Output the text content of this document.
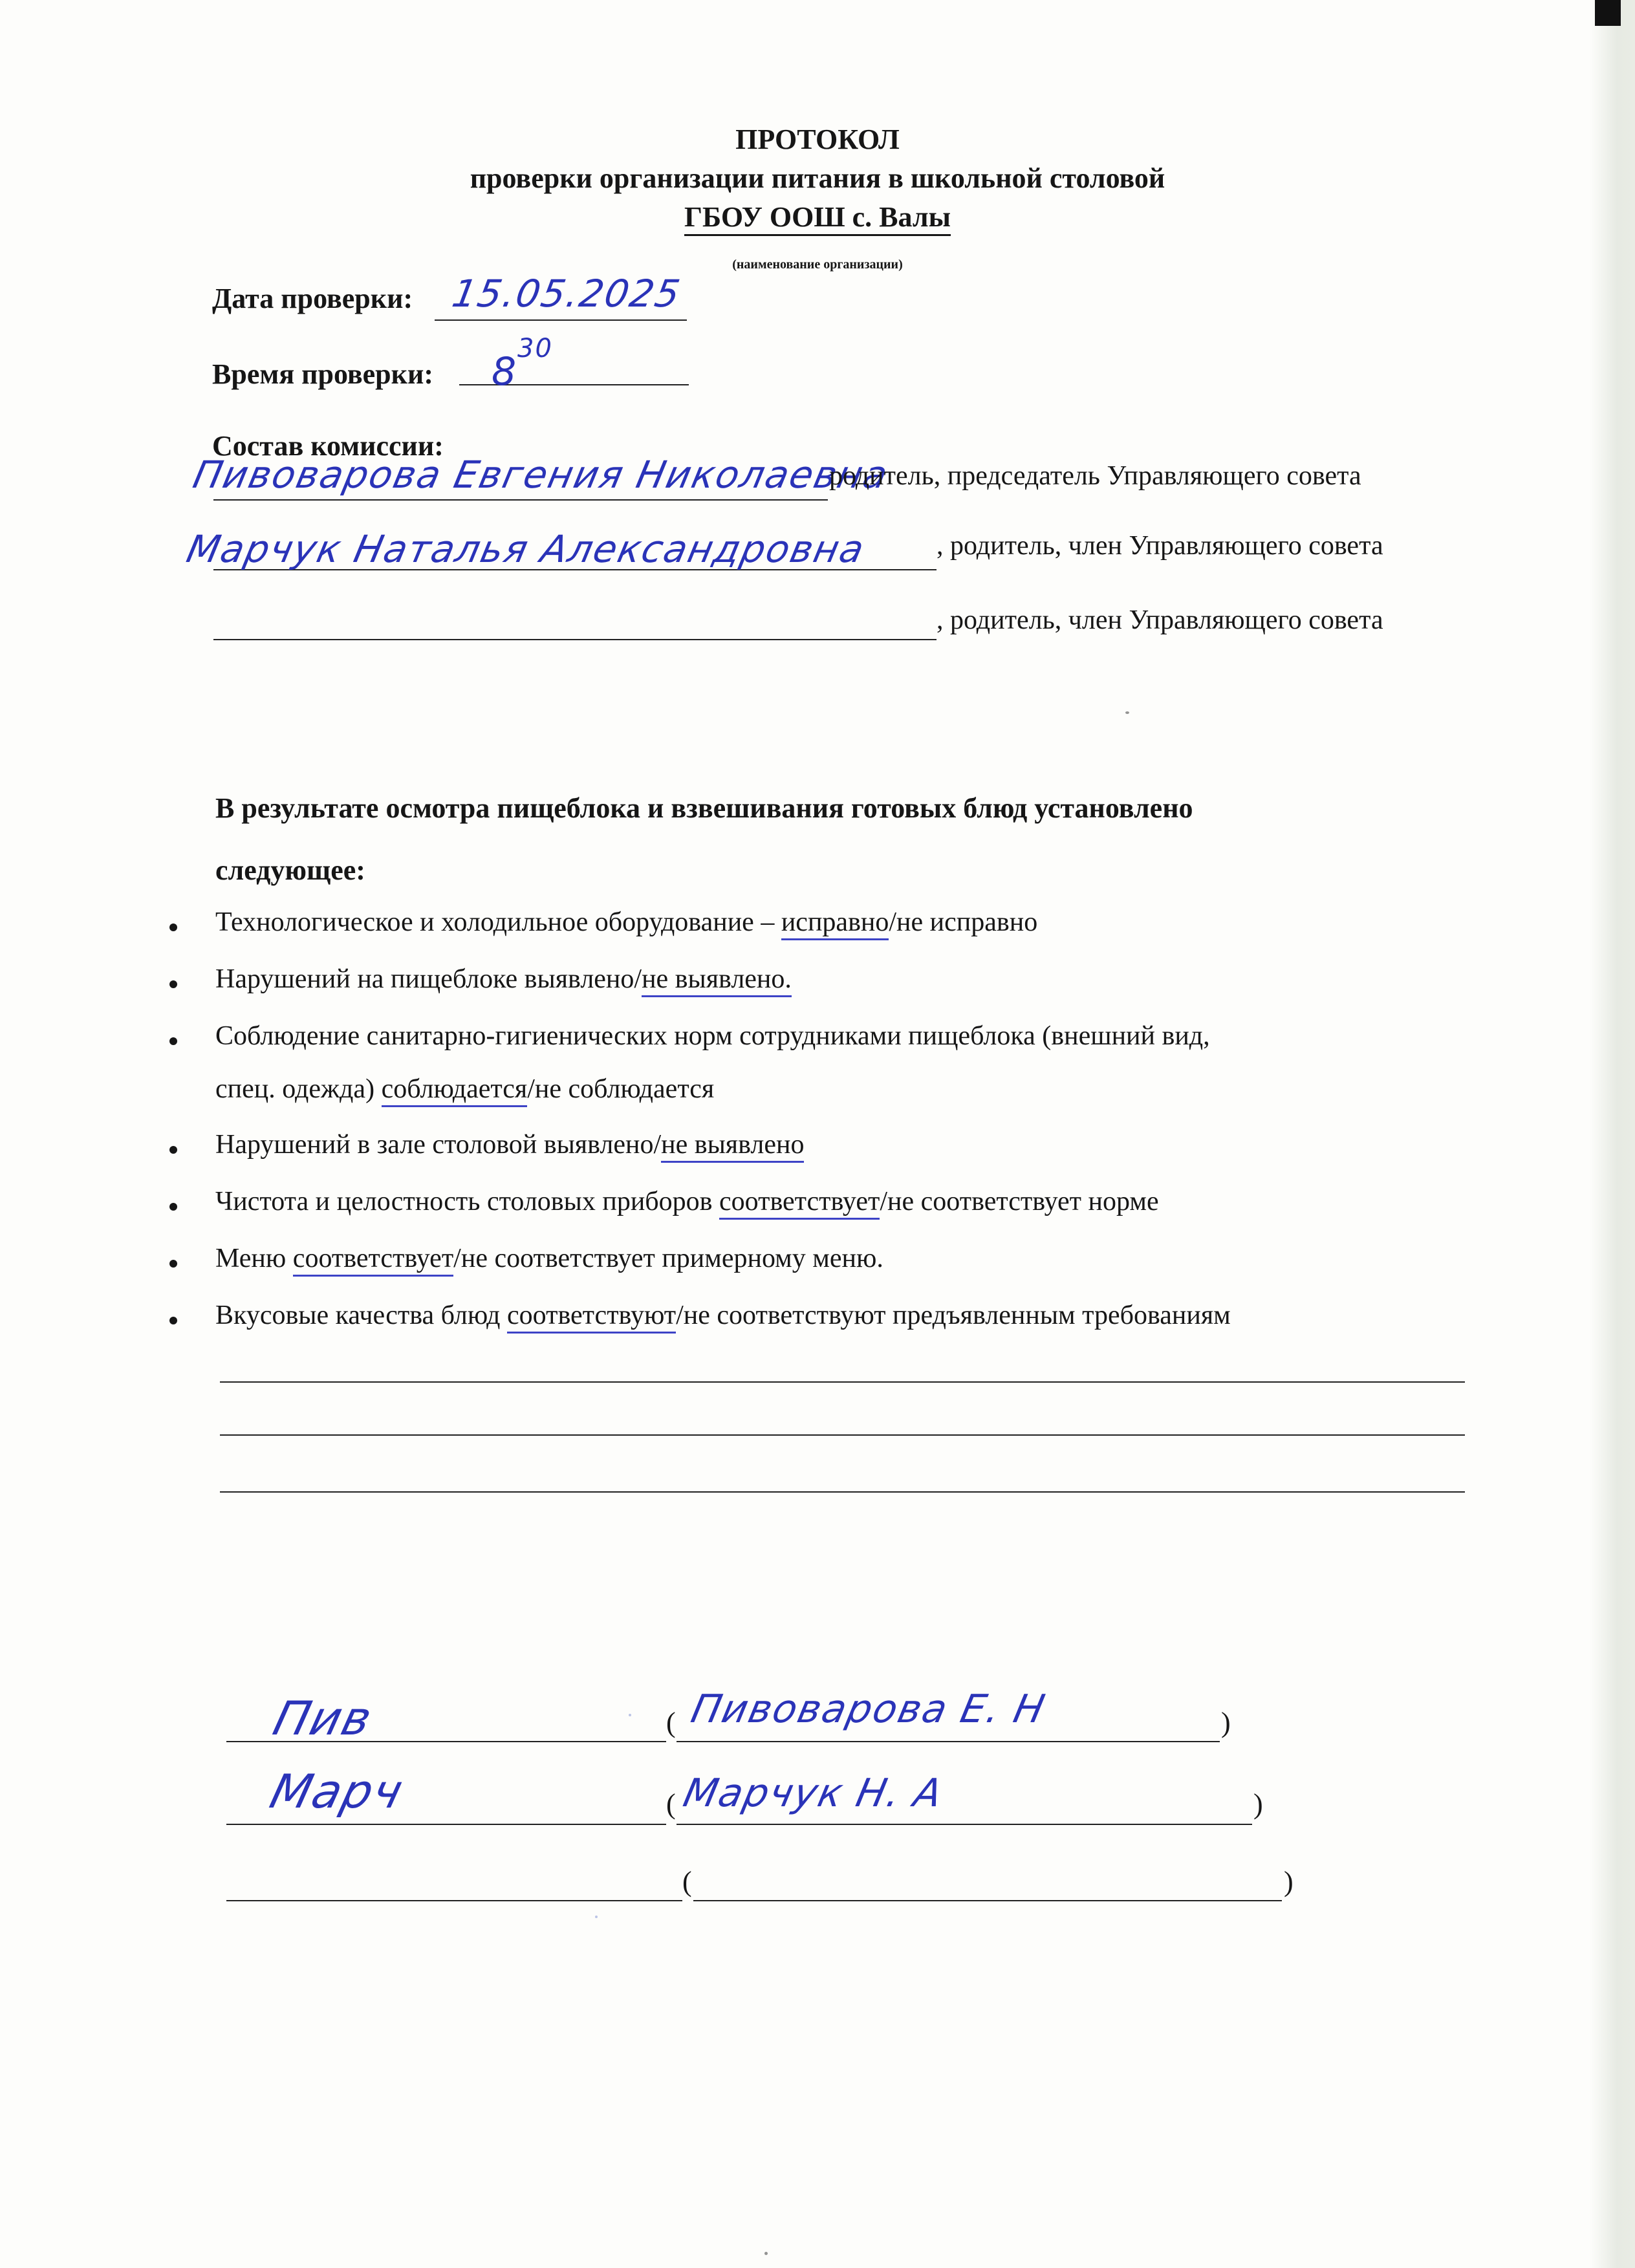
ПРОТОКОЛ
проверки организации питания в школьной столовой
ГБОУ ООШ с. Валы
(наименование организации)
Дата проверки: 15.05.2025
Время проверки: 8
30
Состав комиссии:
Пивоварова Евгения Николаевна
родитель, председатель Управляющего совета
Марчук Наталья Александровна , родитель, член Управляющего совета
, родитель, член Управляющего совета
В результате осмотра пищеблока и взвешивания готовых блюд установлено
следующее:
Технологическое и холодильное оборудование – исправно/не исправно
Нарушений на пищеблоке выявлено/не выявлено.
Соблюдение санитарно-гигиенических норм сотрудниками пищеблока (внешний вид,
спец. одежда) соблюдается/не соблюдается
Нарушений в зале столовой выявлено/не выявлено
Чистота и целостность столовых приборов соответствует/не соответствует норме
Меню соответствует/не соответствует примерному меню.
Вкусовые качества блюд соответствуют/не соответствуют предъявленным требованиям
Пив	( Пивоварова Е. Н	)
Марч	( Марчук Н. А	)
(	)
